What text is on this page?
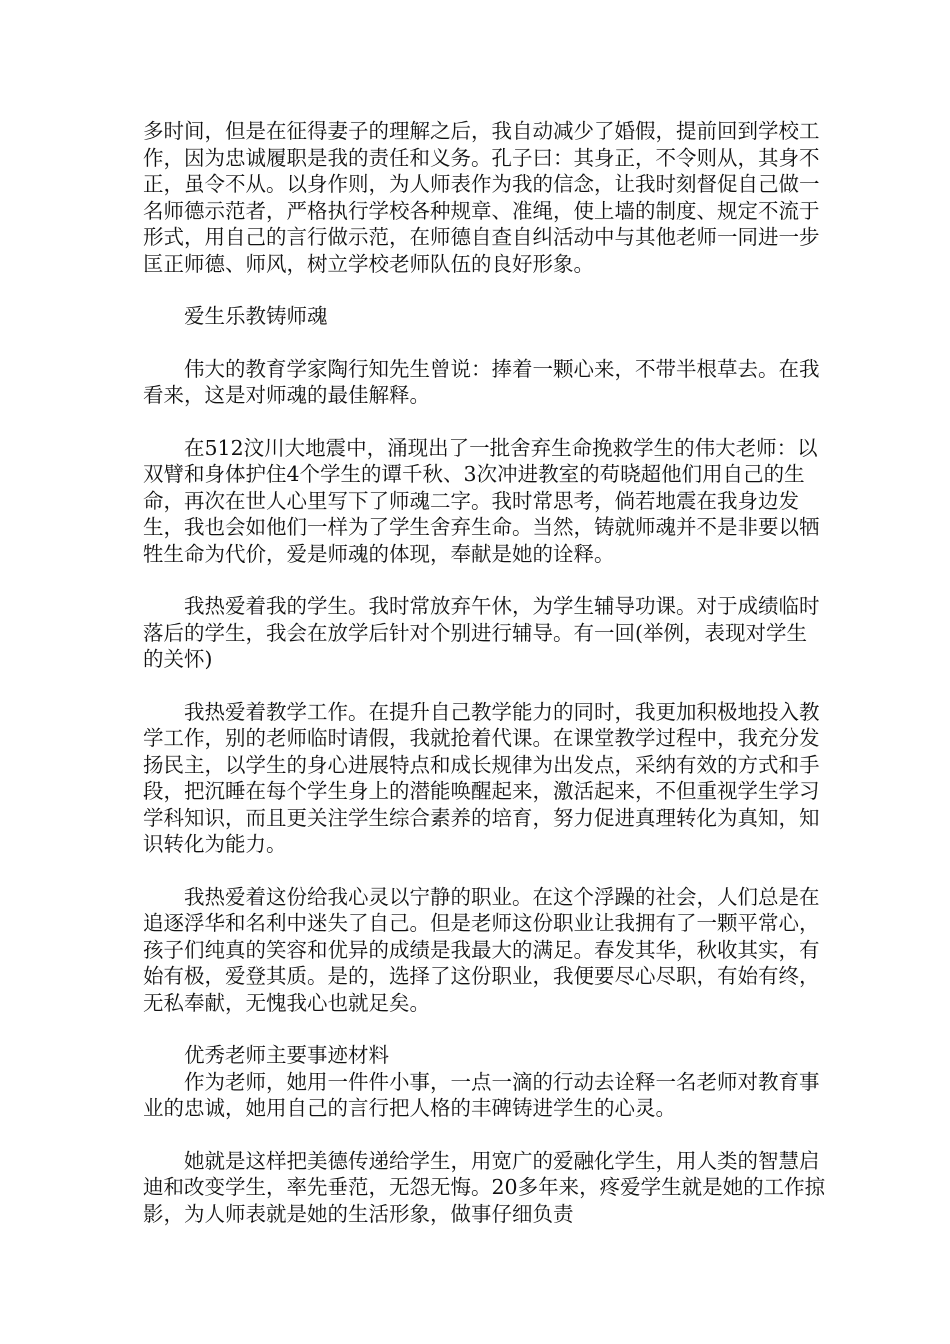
多时间，但是在征得妻子的理解之后，我自动减少了婚假，提前回到学校工作，因为忠诚履职是我的责任和义务。孔子曰：其身正，不令则从，其身不正，虽令不从。以身作则，为人师表作为我的信念，让我时刻督促自己做一名师德示范者，严格执行学校各种规章、准绳，使上墙的制度、规定不流于形式，用自己的言行做示范，在师德自查自纠活动中与其他老师一同进一步匡正师德、师风，树立学校老师队伍的良好形象。

爱生乐教铸师魂

伟大的教育学家陶行知先生曾说：捧着一颗心来，不带半根草去。在我看来，这是对师魂的最佳解释。

在512汶川大地震中，涌现出了一批舍弃生命挽救学生的伟大老师：以双臂和身体护住4个学生的谭千秋、3次冲进教室的苟晓超他们用自己的生命，再次在世人心里写下了师魂二字。我时常思考，倘若地震在我身边发生，我也会如他们一样为了学生舍弃生命。当然，铸就师魂并不是非要以牺牲生命为代价，爱是师魂的体现，奉献是她的诠释。

我热爱着我的学生。我时常放弃午休，为学生辅导功课。对于成绩临时落后的学生，我会在放学后针对个别进行辅导。有一回(举例，表现对学生的关怀)

我热爱着教学工作。在提升自己教学能力的同时，我更加积极地投入教学工作，别的老师临时请假，我就抢着代课。在课堂教学过程中，我充分发扬民主，以学生的身心进展特点和成长规律为出发点，采纳有效的方式和手段，把沉睡在每个学生身上的潜能唤醒起来，激活起来，不但重视学生学习学科知识，而且更关注学生综合素养的培育，努力促进真理转化为真知，知识转化为能力。

我热爱着这份给我心灵以宁静的职业。在这个浮躁的社会，人们总是在追逐浮华和名利中迷失了自己。但是老师这份职业让我拥有了一颗平常心，孩子们纯真的笑容和优异的成绩是我最大的满足。春发其华，秋收其实，有始有极，爱登其质。是的，选择了这份职业，我便要尽心尽职，有始有终，无私奉献，无愧我心也就足矣。

优秀老师主要事迹材料

作为老师，她用一件件小事，一点一滴的行动去诠释一名老师对教育事业的忠诚，她用自己的言行把人格的丰碑铸进学生的心灵。

她就是这样把美德传递给学生，用宽广的爱融化学生，用人类的智慧启迪和改变学生，率先垂范，无怨无悔。20多年来，疼爱学生就是她的工作掠影，为人师表就是她的生活形象，做事仔细负责
